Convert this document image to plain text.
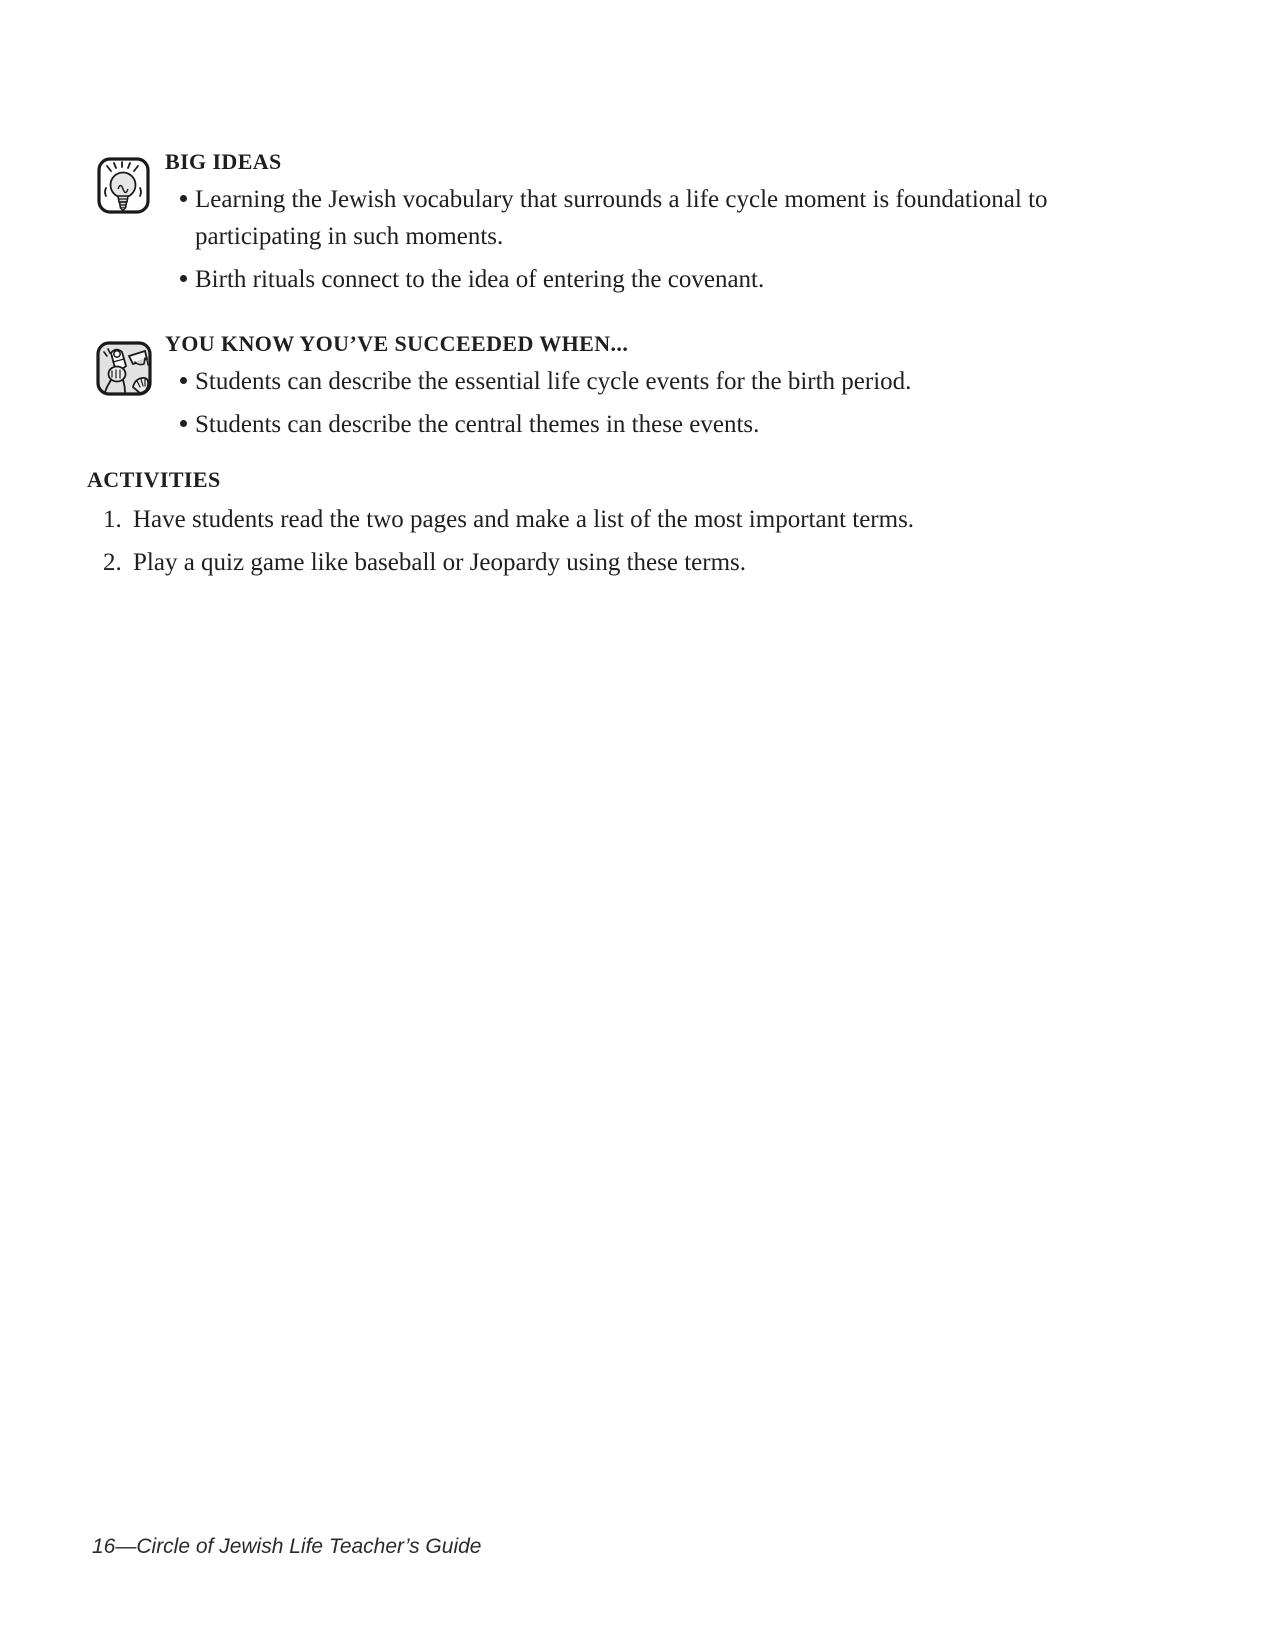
BIG IDEAS
Learning the Jewish vocabulary that surrounds a life cycle moment is foundational to participating in such moments.
Birth rituals connect to the idea of entering the covenant.
YOU KNOW YOU’VE SUCCEEDED WHEN...
Students can describe the essential life cycle events for the birth period.
Students can describe the central themes in these events.
ACTIVITIES
1. Have students read the two pages and make a list of the most important terms.
2. Play a quiz game like baseball or Jeopardy using these terms.
16—Circle of Jewish Life Teacher’s Guide
